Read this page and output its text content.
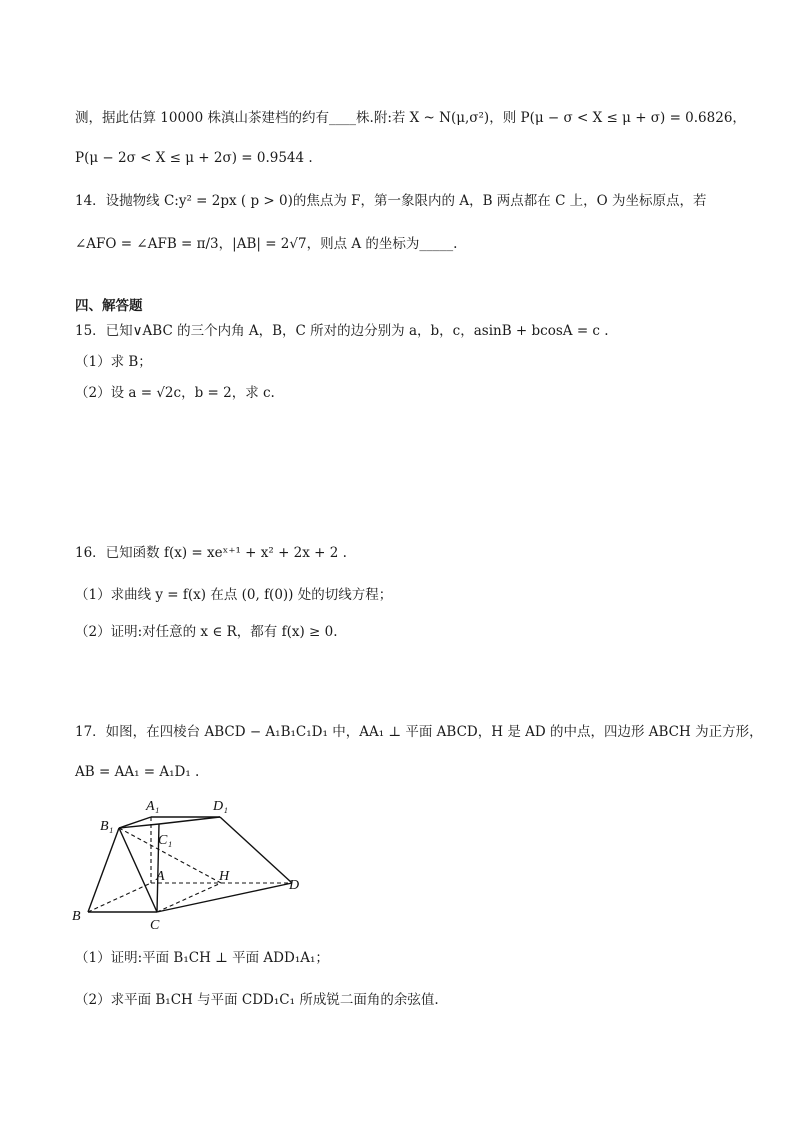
测，据此估算 10000 株滇山茶建档的约有____株.附:若 X ~ N(μ,σ²)，则 P(μ − σ < X ≤ μ + σ) = 0.6826，
P(μ − 2σ < X ≤ μ + 2σ) = 0.9544 .
14．设抛物线 C:y² = 2px ( p > 0)的焦点为 F，第一象限内的 A，B 两点都在 C 上，O 为坐标原点，若
∠AFO = ∠AFB = π/3，|AB| = 2√7，则点 A 的坐标为_____.
四、解答题
15．已知∨ABC 的三个内角 A，B，C 所对的边分别为 a，b，c，asinB + bcosA = c .
（1）求 B；
（2）设 a = √2c，b = 2，求 c.
16．已知函数 f(x) = xeˣ⁺¹ + x² + 2x + 2 .
（1）求曲线 y = f(x) 在点 (0, f(0)) 处的切线方程；
（2）证明:对任意的 x ∈ R，都有 f(x) ≥ 0.
17．如图，在四棱台 ABCD − A₁B₁C₁D₁ 中，AA₁ ⊥ 平面 ABCD，H 是 AD 的中点，四边形 ABCH 为正方形，
AB = AA₁ = A₁D₁ .
A₁	D₁
B₁
C₁
A	H
D
B
C
（1）证明:平面 B₁CH ⊥ 平面 ADD₁A₁；
（2）求平面 B₁CH 与平面 CDD₁C₁ 所成锐二面角的余弦值.
